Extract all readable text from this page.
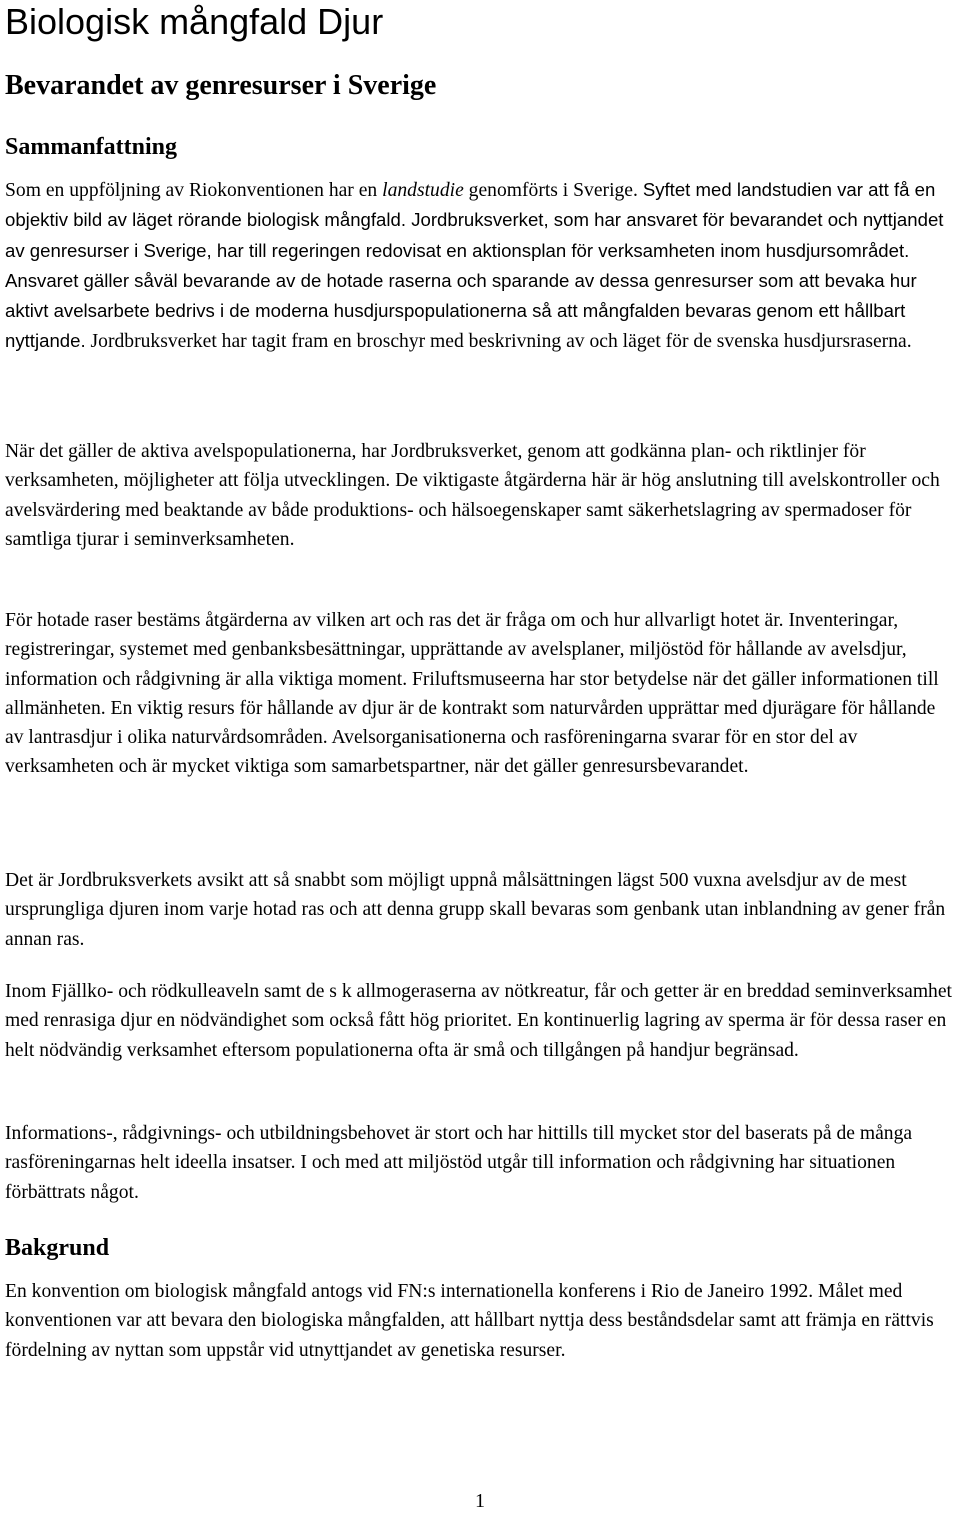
Biologisk mångfald Djur
Bevarandet av genresurser i Sverige
Sammanfattning

Som en uppföljning av Riokonventionen har en landstudie genomförts i Sverige. Syftet med landstudien var att få en objektiv bild av läget rörande biologisk mångfald. Jordbruksverket, som har ansvaret för bevarandet och nyttjandet av genresurser i Sverige, har till regeringen redovisat en aktionsplan för verksamheten inom husdjursområdet. Ansvaret gäller såväl bevarande av de hotade raserna och sparande av dessa genresurser som att bevaka hur aktivt avelsarbete bedrivs i de moderna husdjurspopulationerna så att mångfalden bevaras genom ett hållbart nyttjande. Jordbruksverket har tagit fram en broschyr med beskrivning av och läget för de svenska husdjursraserna.

När det gäller de aktiva avelspopulationerna, har Jordbruksverket, genom att godkänna plan- och riktlinjer för verksamheten, möjligheter att följa utvecklingen. De viktigaste åtgärderna här är hög anslutning till avelskontroller och avelsvärdering med beaktande av både produktions- och hälsoegenskaper samt säkerhetslagring av spermadoser för samtliga tjurar i seminverksamheten.

För hotade raser bestäms åtgärderna av vilken art och ras det är fråga om och hur allvarligt hotet är. Inventeringar, registreringar, systemet med genbanksbesättningar, upprättande av avelsplaner, miljöstöd för hållande av avelsdjur, information och rådgivning är alla viktiga moment. Friluftsmuseerna har stor betydelse när det gäller informationen till allmänheten. En viktig resurs för hållande av djur är de kontrakt som naturvården upprättar med djurägare för hållande av lantrasdjur i olika naturvårdsområden. Avelsorganisationerna och rasföreningarna svarar för en stor del av verksamheten och är mycket viktiga som samarbetspartner, när det gäller genresursbevarandet.

Det är Jordbruksverkets avsikt att så snabbt som möjligt uppnå målsättningen lägst 500 vuxna avelsdjur av de mest ursprungliga djuren inom varje hotad ras och att denna grupp skall bevaras som genbank utan inblandning av gener från annan ras.

Inom Fjällko- och rödkulleaveln samt de s k allmogeraserna av nötkreatur, får och getter är en breddad seminverksamhet med renrasiga djur en nödvändighet som också fått hög prioritet. En kontinuerlig lagring av sperma är för dessa raser en helt nödvändig verksamhet eftersom populationerna ofta är små och tillgången på handjur begränsad.

Informations-, rådgivnings- och utbildningsbehovet är stort och har hittills till mycket stor del baserats på de många rasföreningarnas helt ideella insatser. I och med att miljöstöd utgår till information och rådgivning har situationen förbättrats något.

Bakgrund

En konvention om biologisk mångfald antogs vid FN:s internationella konferens i Rio de Janeiro 1992. Målet med konventionen var att bevara den biologiska mångfalden, att hållbart nyttja dess beståndsdelar samt att främja en rättvis fördelning av nyttan som uppstår vid utnyttjandet av genetiska resurser.

1
